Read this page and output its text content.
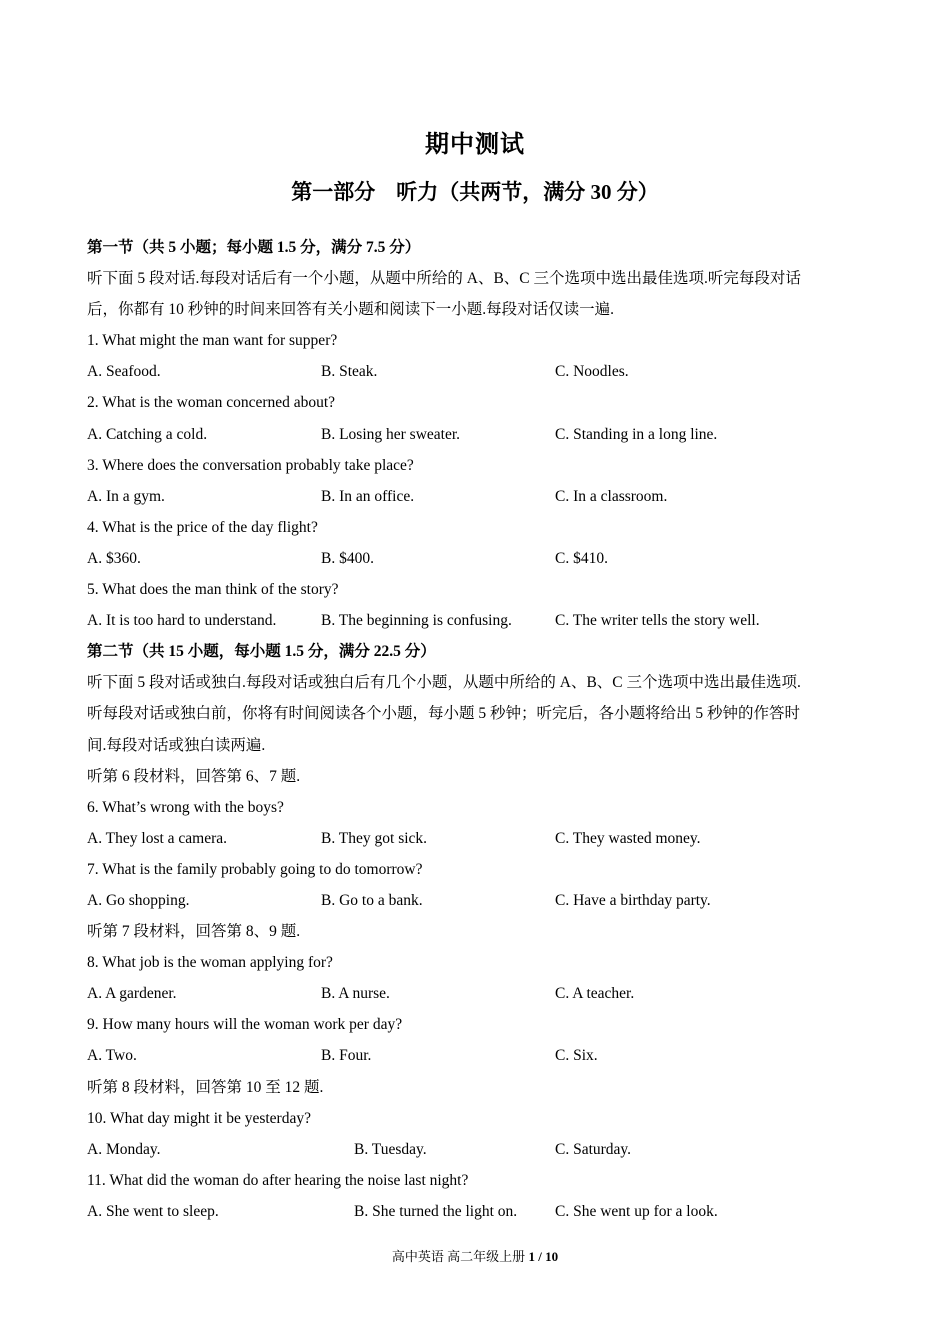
期中测试
第一部分　听力（共两节，满分 30 分）
第一节（共 5 小题；每小题 1.5 分，满分 7.5 分）
听下面 5 段对话.每段对话后有一个小题，从题中所给的 A、B、C 三个选项中选出最佳选项.听完每段对话
后，你都有 10 秒钟的时间来回答有关小题和阅读下一小题.每段对话仅读一遍.
1. What might the man want for supper?
A. Seafood.	B. Steak.	C. Noodles.
2. What is the woman concerned about?
A. Catching a cold.	B. Losing her sweater.	C. Standing in a long line.
3. Where does the conversation probably take place?
A. In a gym.	B. In an office.	C. In a classroom.
4. What is the price of the day flight?
A. $360.	B. $400.	C. $410.
5. What does the man think of the story?
A. It is too hard to understand.	B. The beginning is confusing.	C. The writer tells the story well.
第二节（共 15 小题，每小题 1.5 分，满分 22.5 分）
听下面 5 段对话或独白.每段对话或独白后有几个小题，从题中所给的 A、B、C 三个选项中选出最佳选项.
听每段对话或独白前，你将有时间阅读各个小题，每小题 5 秒钟；听完后，各小题将给出 5 秒钟的作答时
间.每段对话或独白读两遍.
听第 6 段材料，回答第 6、7 题.
6. What’s wrong with the boys?
A. They lost a camera.	B. They got sick.	C. They wasted money.
7. What is the family probably going to do tomorrow?
A. Go shopping.	B. Go to a bank.	C. Have a birthday party.
听第 7 段材料，回答第 8、9 题.
8. What job is the woman applying for?
A. A gardener.	B. A nurse.	C. A teacher.
9. How many hours will the woman work per day?
A. Two.	B. Four.	C. Six.
听第 8 段材料，回答第 10 至 12 题.
10. What day might it be yesterday?
A. Monday.	B. Tuesday.	C. Saturday.
11. What did the woman do after hearing the noise last night?
A. She went to sleep.	B. She turned the light on. C. She went up for a look.
高中英语 高二年级上册 1 / 10
